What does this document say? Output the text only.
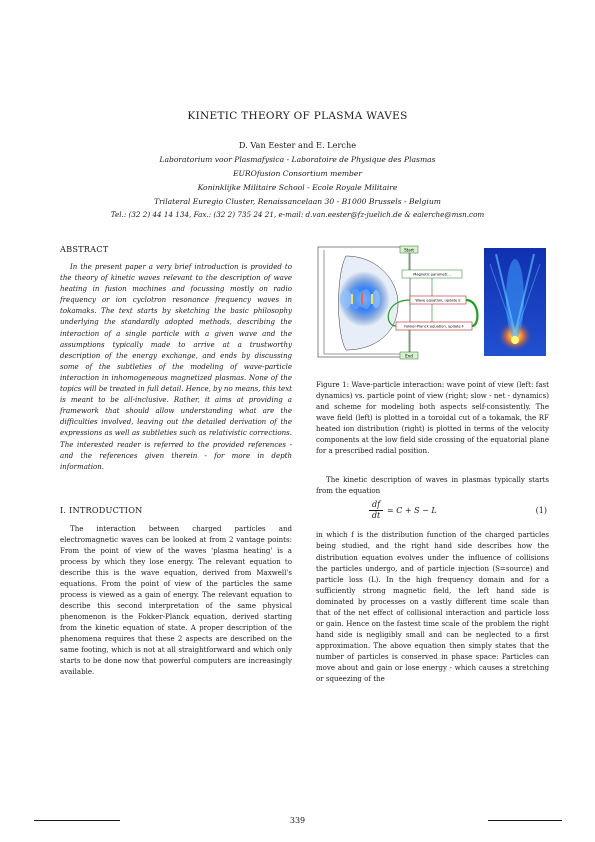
KINETIC THEORY OF PLASMA WAVES
D. Van Eester and E. Lerche
Laboratorium voor Plasmafysica - Laboratoire de Physique des Plasmas
EUROfusion Consortium member
Koninklijke Militaire School - Ecole Royale Militaire
Trilateral Euregio Cluster, Renaissancelaan 30 - B1000 Brussels - Belgium
Tel.: (32 2) 44 14 134, Fax.: (32 2) 735 24 21, e-mail: d.van.eester@fz-juelich.de & ealerche@msn.com
ABSTRACT

In the present paper a very brief introduction is provided to the theory of kinetic waves relevant to the description of wave heating in fusion machines and focussing mostly on radio frequency or ion cyclotron resonance frequency waves in tokamaks. The text starts by sketching the basic philosophy underlying the standardly adopted methods, describing the interaction of a single particle with a given wave and the assumptions typically made to arrive at a trustworthy description of the energy exchange, and ends by discussing some of the subtleties of the modeling of wave-particle interaction in inhomogeneous magnetized plasmas. None of the topics will be treated in full detail. Hence, by no means, this text is meant to be all-inclusive. Rather, it aims at providing a framework that should allow understanding what are the difficulties involved, leaving out the detailed derivation of the expressions as well as subtleties such as relativistic corrections. The interested reader is referred to the provided references - and the references given therein - for more in depth information.

I. INTRODUCTION

The interaction between charged particles and electromagnetic waves can be looked at from 2 vantage points: From the point of view of the waves 'plasma heating' is a process by which they lose energy. The relevant equation to describe this is the wave equation, derived from Maxwell's equations. From the point of view of the particles the same process is viewed as a gain of energy. The relevant equation to describe this second interpretation of the same physical phenomenon is the Fokker-Planck equation, derived starting from the kinetic equation of state. A proper description of the phenomena requires that these 2 aspects are described on the same footing, which is not at all straightforward and which only starts to be done now that powerful computers are increasingly available.

Start
Magnetic parametr...
Wave equation, update E
Fokker-Planck equation, update F
End

Figure 1: Wave-particle interaction: wave point of view (left: fast dynamics) vs. particle point of view (right; slow - net - dynamics) and scheme for modeling both aspects self-consistently. The wave field (left) is plotted in a toroidal cut of a tokamak, the RF heated ion distribution (right) is plotted in terms of the velocity components at the low field side crossing of the equatorial plane for a prescribed radial position.

The kinetic description of waves in plasmas typically starts from the equation

$\frac{df}{dt} = C + S - L$	(1)

in which f is the distribution function of the charged particles being studied, and the right hand side describes how the distribution equation evolves under the influence of collisions the particles undergo, and of particle injection (S=source) and particle loss (L). In the high frequency domain and for a sufficiently strong magnetic field, the left hand side is dominated by processes on a vastly different time scale than that of the net effect of collisional interaction and particle loss or gain. Hence on the fastest time scale of the problem the right hand side is negligibly small and can be neglected to a first approximation. The above equation then simply states that the number of particles is conserved in phase space: Particles can move about and gain or lose energy - which causes a stretching or squeezing of the

339
